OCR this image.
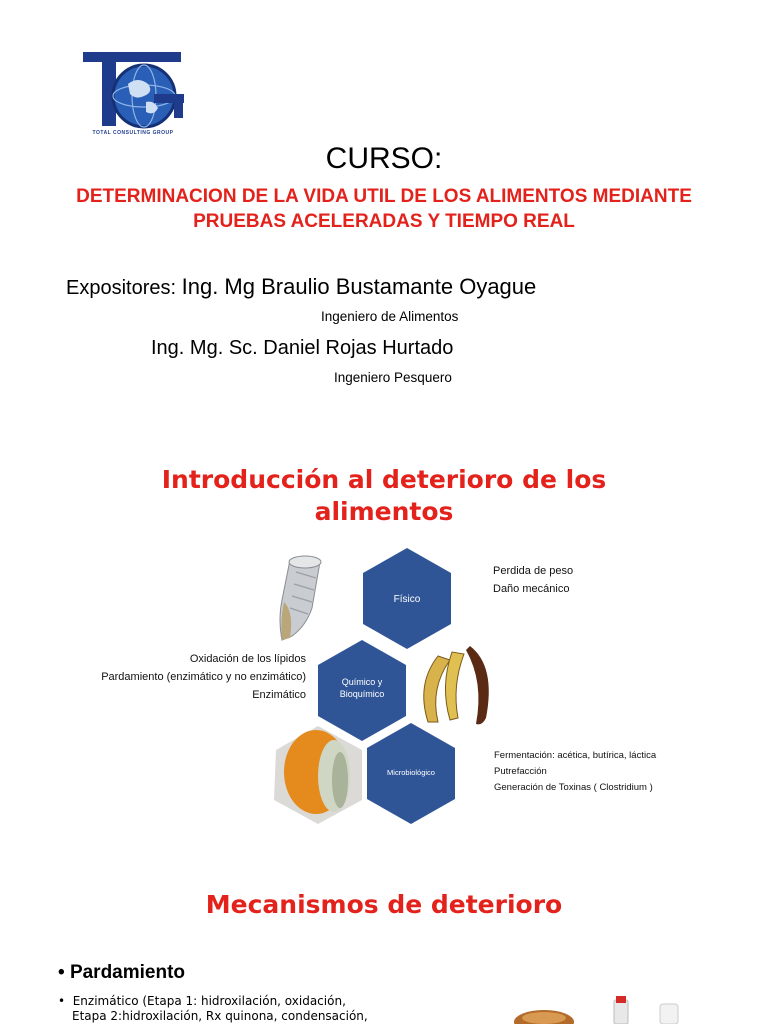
TOTAL CONSULTING GROUP
CURSO:
DETERMINACION DE LA VIDA UTIL DE LOS ALIMENTOS MEDIANTE
PRUEBAS ACELERADAS Y TIEMPO REAL
Expositores: Ing. Mg Braulio Bustamante Oyague
Ingeniero de Alimentos
Ing. Mg. Sc. Daniel Rojas Hurtado
Ingeniero Pesquero
Introducción al deterioro de los
alimentos
Físico
Químico y
Bioquímico
Microbiológico
Perdida de peso
Daño mecánico
Oxidación de los lípidos
Pardamiento (enzimático y no enzimático)
Enzimático
Fermentación: acética, butírica, láctica
Putrefacción
Generación de Toxinas ( Clostridium )
Mecanismos de deterioro
• Pardamiento
•  Enzimático (Etapa 1: hidroxilación, oxidación,
Etapa 2:hidroxilación, Rx quinona, condensación,
